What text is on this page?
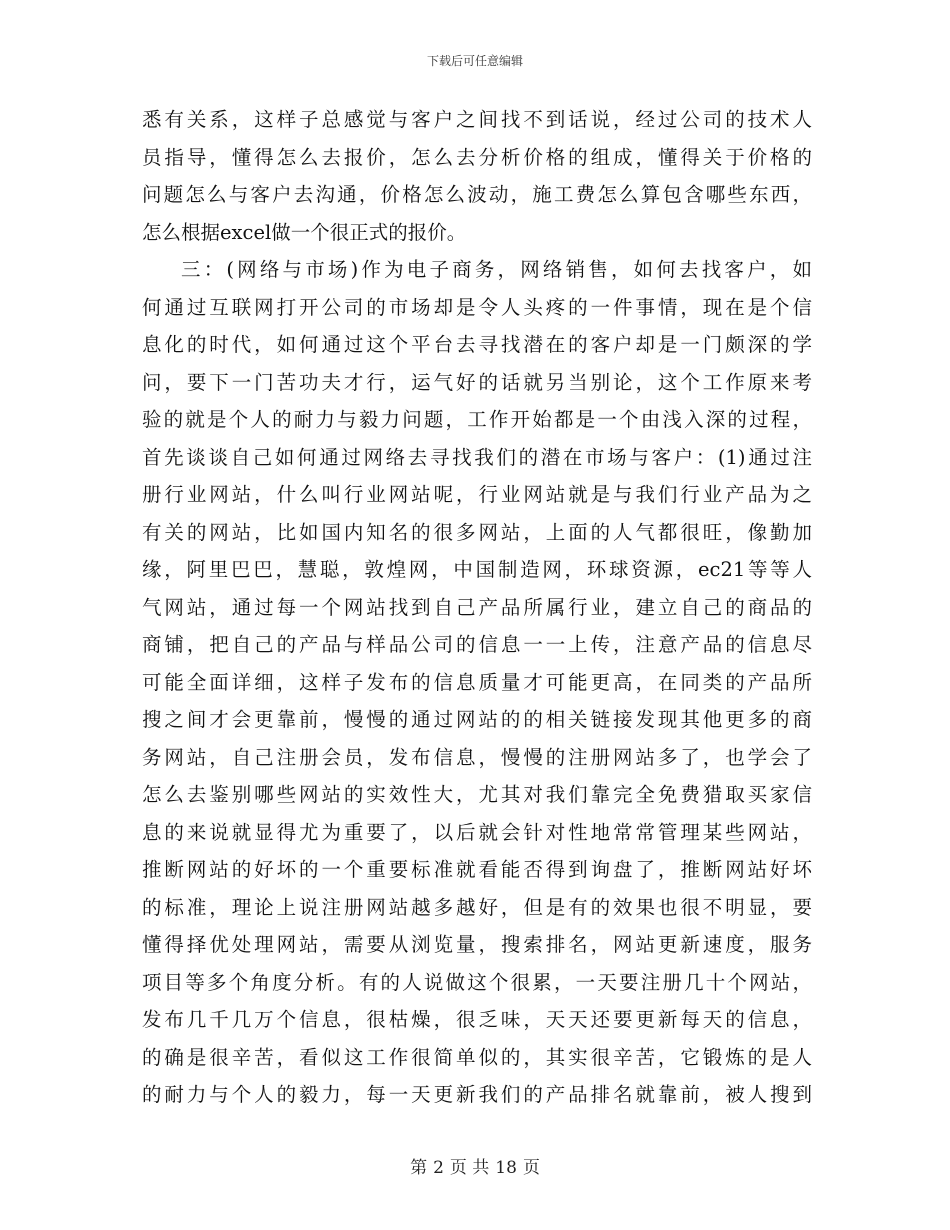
下载后可任意编辑
悉有关系，这样子总感觉与客户之间找不到话说，经过公司的技术人
员指导，懂得怎么去报价，怎么去分析价格的组成，懂得关于价格的
问题怎么与客户去沟通，价格怎么波动，施工费怎么算包含哪些东西，
怎么根据excel做一个很正式的报价。
三：(网络与市场)作为电子商务，网络销售，如何去找客户，如
何通过互联网打开公司的市场却是令人头疼的一件事情，现在是个信
息化的时代，如何通过这个平台去寻找潜在的客户却是一门颇深的学
问，要下一门苦功夫才行，运气好的话就另当别论，这个工作原来考
验的就是个人的耐力与毅力问题，工作开始都是一个由浅入深的过程，
首先谈谈自己如何通过网络去寻找我们的潜在市场与客户：(1)通过注
册行业网站，什么叫行业网站呢，行业网站就是与我们行业产品为之
有关的网站，比如国内知名的很多网站，上面的人气都很旺，像勤加
缘，阿里巴巴，慧聪，敦煌网，中国制造网，环球资源，ec21等等人
气网站，通过每一个网站找到自己产品所属行业，建立自己的商品的
商铺，把自己的产品与样品公司的信息一一上传，注意产品的信息尽
可能全面详细，这样子发布的信息质量才可能更高，在同类的产品所
搜之间才会更靠前，慢慢的通过网站的的相关链接发现其他更多的商
务网站，自己注册会员，发布信息，慢慢的注册网站多了，也学会了
怎么去鉴别哪些网站的实效性大，尤其对我们靠完全免费猎取买家信
息的来说就显得尤为重要了，以后就会针对性地常常管理某些网站，
推断网站的好坏的一个重要标准就看能否得到询盘了，推断网站好坏
的标准，理论上说注册网站越多越好，但是有的效果也很不明显，要
懂得择优处理网站，需要从浏览量，搜索排名，网站更新速度，服务
项目等多个角度分析。有的人说做这个很累，一天要注册几十个网站，
发布几千几万个信息，很枯燥，很乏味，天天还要更新每天的信息，
的确是很辛苦，看似这工作很简单似的，其实很辛苦，它锻炼的是人
的耐力与个人的毅力，每一天更新我们的产品排名就靠前，被人搜到
第 2 页 共 18 页
